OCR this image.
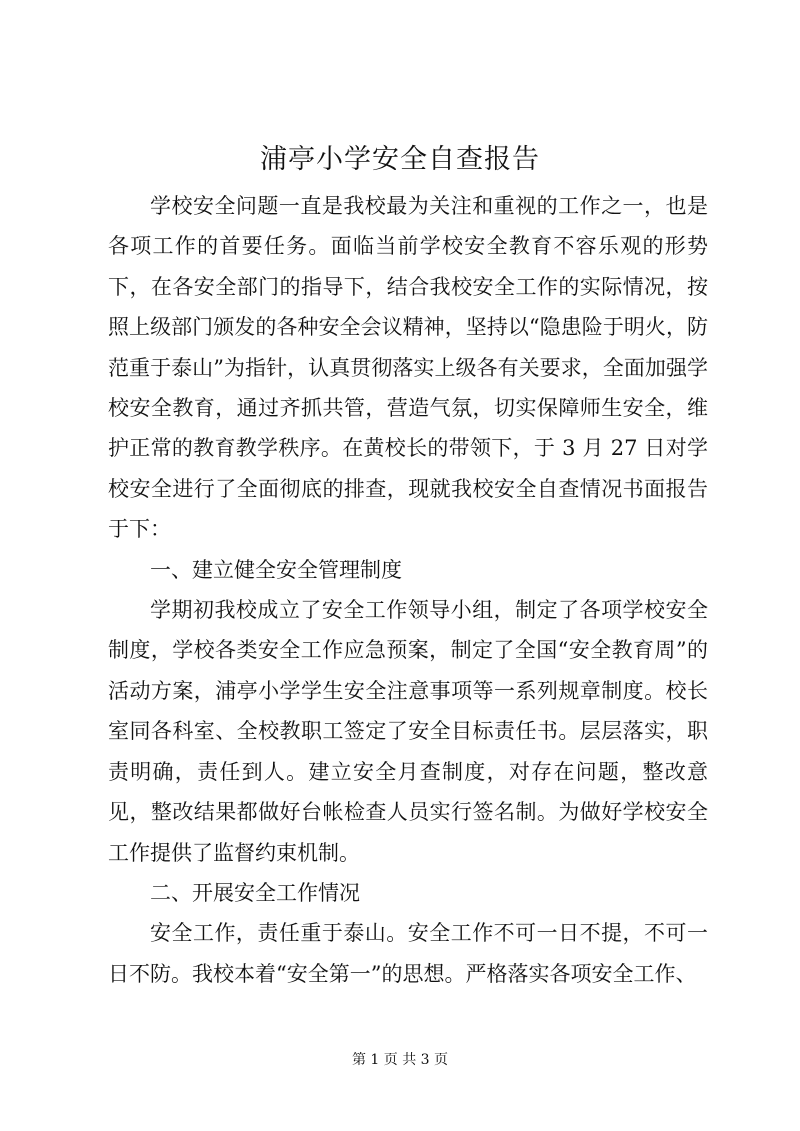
浦亭小学安全自查报告

学校安全问题一直是我校最为关注和重视的工作之一，也是各项工作的首要任务。面临当前学校安全教育不容乐观的形势下，在各安全部门的指导下，结合我校安全工作的实际情况，按照上级部门颁发的各种安全会议精神，坚持以“隐患险于明火，防范重于泰山”为指针，认真贯彻落实上级各有关要求，全面加强学校安全教育，通过齐抓共管，营造气氛，切实保障师生安全，维护正常的教育教学秩序。在黄校长的带领下，于 3 月 27 日对学校安全进行了全面彻底的排查，现就我校安全自查情况书面报告于下：

一、建立健全安全管理制度

学期初我校成立了安全工作领导小组，制定了各项学校安全制度，学校各类安全工作应急预案，制定了全国“安全教育周”的活动方案，浦亭小学学生安全注意事项等一系列规章制度。校长室同各科室、全校教职工签定了安全目标责任书。层层落实，职责明确，责任到人。建立安全月查制度，对存在问题，整改意见，整改结果都做好台帐检查人员实行签名制。为做好学校安全工作提供了监督约束机制。

二、开展安全工作情况

安全工作，责任重于泰山。安全工作不可一日不提，不可一日不防。我校本着“安全第一”的思想。严格落实各项安全工作、

第 1 页 共 3 页
